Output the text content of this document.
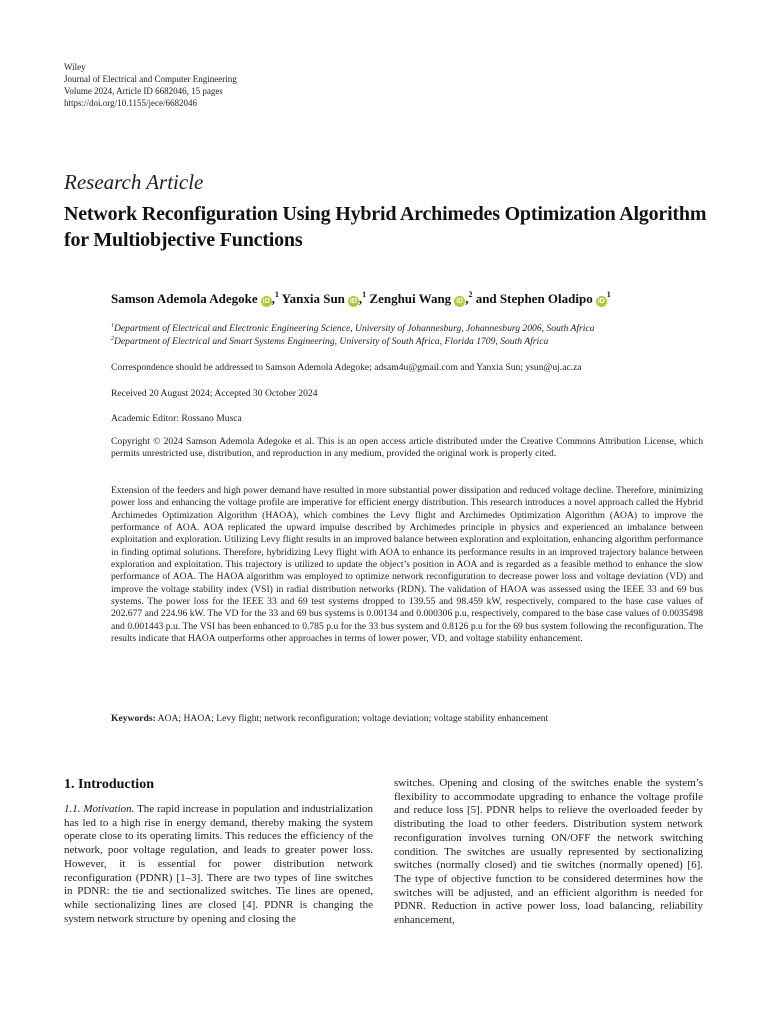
Wiley
Journal of Electrical and Computer Engineering
Volume 2024, Article ID 6682046, 15 pages
https://doi.org/10.1155/jece/6682046
Research Article
Network Reconfiguration Using Hybrid Archimedes Optimization Algorithm for Multiobjective Functions
Samson Ademola Adegoke iD ,$^1$ Yanxia Sun iD ,$^1$ Zenghui Wang iD ,$^2$ and Stephen Oladipo $iD^1$
$^1$Department of Electrical and Electronic Engineering Science, University of Johannesburg, Johannesburg 2006, South Africa
$^2$Department of Electrical and Smart Systems Engineering, University of South Africa, Florida 1709, South Africa
Correspondence should be addressed to Samson Ademola Adegoke; adsam4u@gmail.com and Yanxia Sun; ysun@uj.ac.za
Received 20 August 2024; Accepted 30 October 2024
Academic Editor: Rossano Musca
Copyright © 2024 Samson Ademola Adegoke et al. This is an open access article distributed under the Creative Commons Attribution License, which permits unrestricted use, distribution, and reproduction in any medium, provided the original work is properly cited.
Extension of the feeders and high power demand have resulted in more substantial power dissipation and reduced voltage decline. Therefore, minimizing power loss and enhancing the voltage profile are imperative for efficient energy distribution. This research introduces a novel approach called the Hybrid Archimedes Optimization Algorithm (HAOA), which combines the Levy flight and Archimedes Optimization Algorithm (AOA) to improve the performance of AOA. AOA replicated the upward impulse described by Archimedes principle in physics and experienced an imbalance between exploitation and exploration. Utilizing Levy flight results in an improved balance between exploration and exploitation, enhancing algorithm performance in finding optimal solutions. Therefore, hybridizing Levy flight with AOA to enhance its performance results in an improved trajectory balance between exploration and exploitation. This trajectory is utilized to update the object’s position in AOA and is regarded as a feasible method to enhance the slow performance of AOA. The HAOA algorithm was employed to optimize network reconfiguration to decrease power loss and voltage deviation (VD) and improve the voltage stability index (VSI) in radial distribution networks (RDN). The validation of HAOA was assessed using the IEEE 33 and 69 bus systems. The power loss for the IEEE 33 and 69 test systems dropped to 139.55 and 98.459 kW, respectively, compared to the base case values of 202.677 and 224.96 kW. The VD for the 33 and 69 bus systems is 0.00134 and 0.000306 p.u, respectively, compared to the base case values of 0.0035498 and 0.001443 p.u. The VSI has been enhanced to 0.785 p.u for the 33 bus system and 0.8126 p.u for the 69 bus system following the reconfiguration. The results indicate that HAOA outperforms other approaches in terms of lower power, VD, and voltage stability enhancement.
Keywords: AOA; HAOA; Levy flight; network reconfiguration; voltage deviation; voltage stability enhancement
1. Introduction
1.1. Motivation. The rapid increase in population and industrialization has led to a high rise in energy demand, thereby making the system operate close to its operating limits. This reduces the efficiency of the network, poor voltage regulation, and leads to greater power loss. However, it is essential for power distribution network reconfiguration (PDNR) [1–3]. There are two types of line switches in PDNR: the tie and sectionalized switches. Tie lines are opened, while sectionalizing lines are closed [4]. PDNR is changing the system network structure by opening and closing the
switches. Opening and closing of the switches enable the system’s flexibility to accommodate upgrading to enhance the voltage profile and reduce loss [5]. PDNR helps to relieve the overloaded feeder by distributing the load to other feeders. Distribution system network reconfiguration involves turning ON/OFF the network switching condition. The switches are usually represented by sectionalizing switches (normally closed) and tie switches (normally opened) [6]. The type of objective function to be considered determines how the switches will be adjusted, and an efficient algorithm is needed for PDNR. Reduction in active power loss, load balancing, reliability enhancement,
